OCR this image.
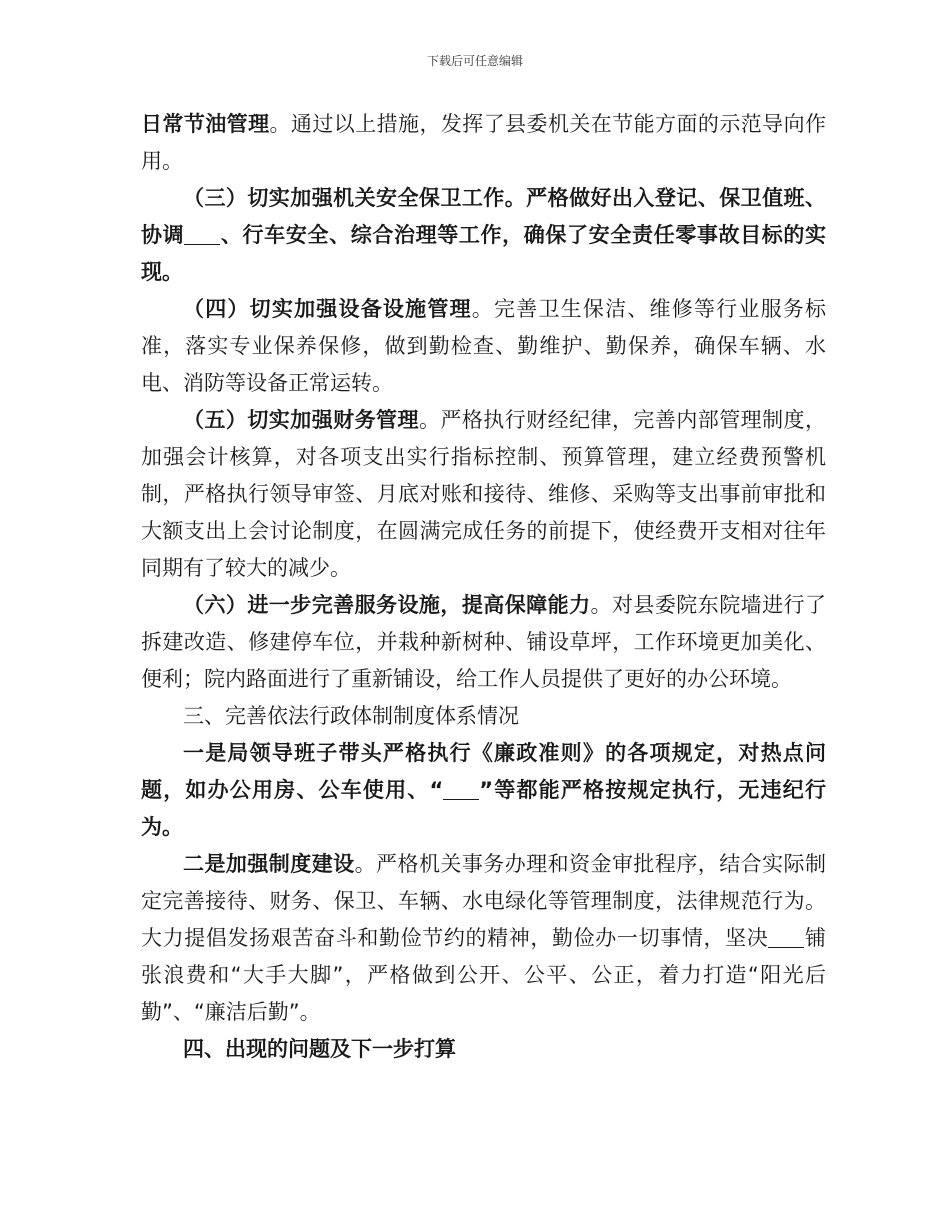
下载后可任意编辑

日常节油管理。通过以上措施，发挥了县委机关在节能方面的示范导向作用。

（三）切实加强机关安全保卫工作。严格做好出入登记、保卫值班、协调 、行车安全、综合治理等工作，确保了安全责任零事故目标的实现。

（四）切实加强设备设施管理。完善卫生保洁、维修等行业服务标准，落实专业保养保修，做到勤检查、勤维护、勤保养，确保车辆、水电、消防等设备正常运转。

（五）切实加强财务管理。严格执行财经纪律，完善内部管理制度，加强会计核算，对各项支出实行指标控制、预算管理，建立经费预警机制，严格执行领导审签、月底对账和接待、维修、采购等支出事前审批和大额支出上会讨论制度，在圆满完成任务的前提下，使经费开支相对往年同期有了较大的减少。

（六）进一步完善服务设施，提高保障能力。对县委院东院墙进行了拆建改造、修建停车位，并栽种新树种、铺设草坪，工作环境更加美化、便利；院内路面进行了重新铺设，给工作人员提供了更好的办公环境。

三、完善依法行政体制制度体系情况

一是局领导班子带头严格执行《廉政准则》的各项规定，对热点问题，如办公用房、公车使用、“ ”等都能严格按规定执行，无违纪行为。

二是加强制度建设。严格机关事务办理和资金审批程序，结合实际制定完善接待、财务、保卫、车辆、水电绿化等管理制度，法律规范行为。大力提倡发扬艰苦奋斗和勤俭节约的精神，勤俭办一切事情，坚决 铺张浪费和“大手大脚”，严格做到公开、公平、公正，着力打造“阳光后勤”、“廉洁后勤”。

四、出现的问题及下一步打算
